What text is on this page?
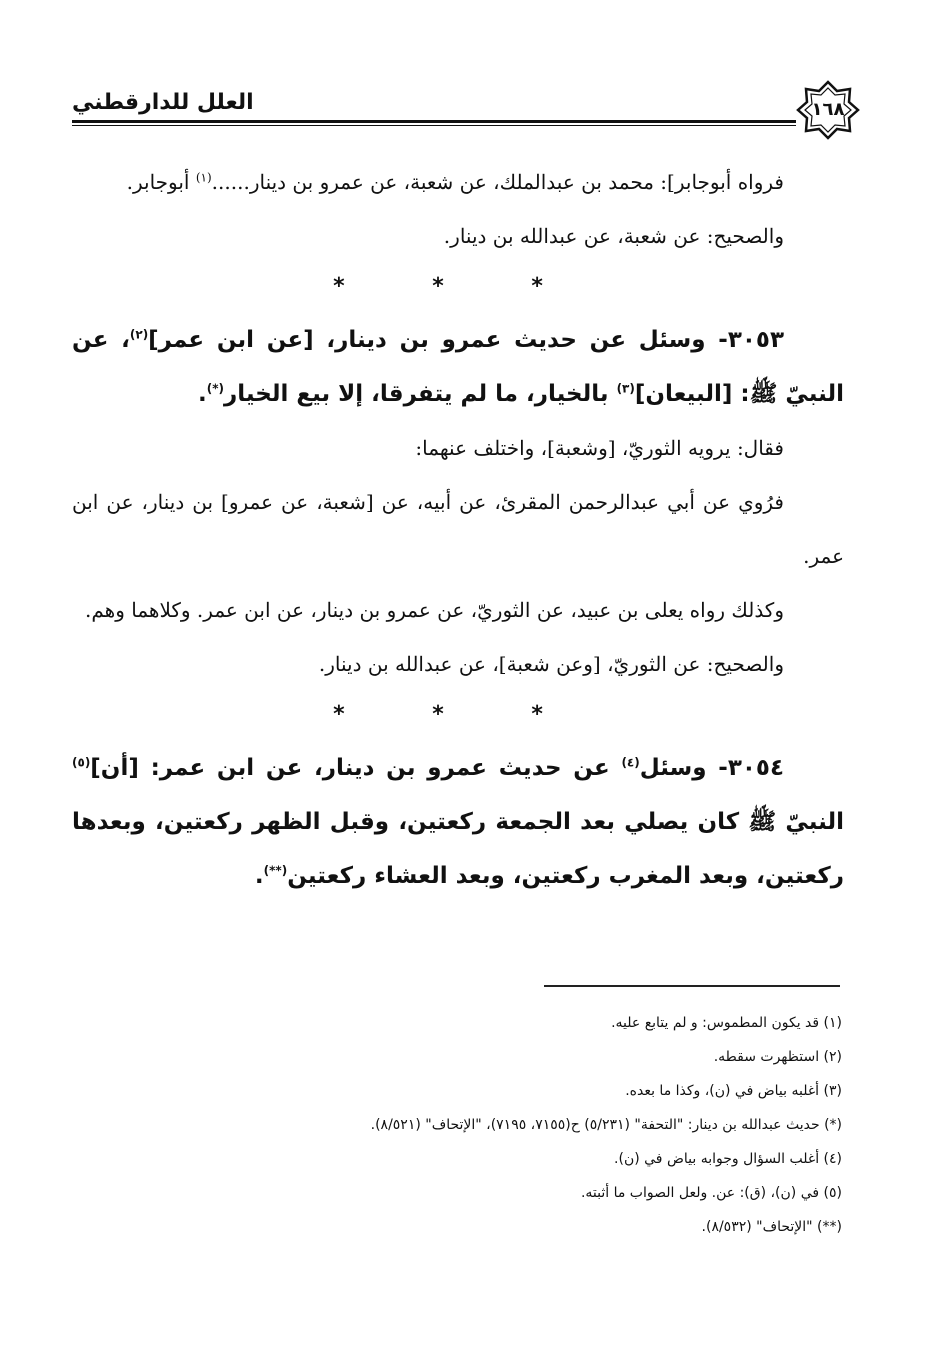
١٦٨
العلل للدارقطني

فرواه أبوجابر]: محمد بن عبدالملك، عن شعبة، عن عمرو بن دينار......$^{(١)}$ أبوجابر.

والصحيح: عن شعبة، عن عبدالله بن دينار.

* * *

٣٠٥٣- وسئل عن حديث عمرو بن دينار، [عن ابن عمر]$^{(٢)}$، عن النبيّ ﷺ: [البيعان]$^{(٣)}$ بالخيار، ما لم يتفرقا، إلا بيع الخيار(*).

فقال: يرويه الثوريّ، [وشعبة]، واختلف عنهما:

فرُوي عن أبي عبدالرحمن المقرئ، عن أبيه، عن [شعبة، عن عمرو] بن دينار، عن ابن عمر.

وكذلك رواه يعلى بن عبيد، عن الثوريّ، عن عمرو بن دينار، عن ابن عمر. وكلاهما وهم.

والصحيح: عن الثوريّ، [وعن شعبة]، عن عبدالله بن دينار.

* * *

٣٠٥٤- وسئل$^{(٤)}$ عن حديث عمرو بن دينار، عن ابن عمر: [أن]$^{(٥)}$ النبيّ ﷺ كان يصلي بعد الجمعة ركعتين، وقبل الظهر ركعتين، وبعدها ركعتين، وبعد المغرب ركعتين، وبعد العشاء ركعتين(**).

(١) قد يكون المطموس: و لم يتابع عليه.
(٢) استظهرت سقطه.
(٣) أغلبه بياض في (ن)، وكذا ما بعده.
(*) حديث عبدالله بن دينار: "التحفة" (٥/٢٣١) ح(٧١٥٥، ٧١٩٥)، "الإتحاف" (٨/٥٢١).
(٤) أغلب السؤال وجوابه بياض في (ن).
(٥) في (ن)، (ق): عن. ولعل الصواب ما أثبته.
(**) "الإتحاف" (٨/٥٣٢).
